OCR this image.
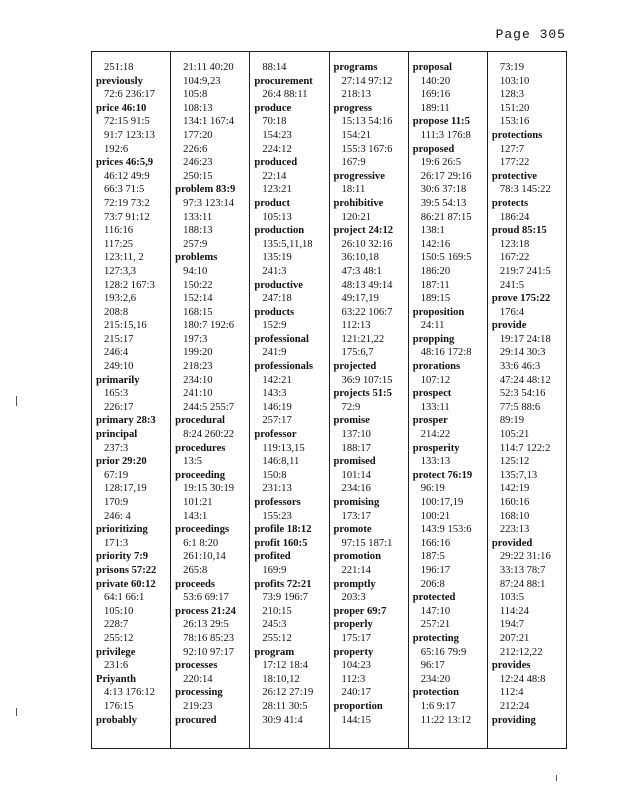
Page 305
251:18
previously
72:6 236:17
price 46:10
72:15 91:5
91:7 123:13
192:6
prices 46:5,9
46:12 49:9
66:3 71:5
72:19 73:2
73:7 91:12
116:16
117:25
123:11, 2
127:3,3
128:2 167:3
193:2,6
208:8
215:15,16
215:17
246:4
249:10
primarily
165:3
226:17
primary 28:3
principal
237:3
prior 29:20
67:19
128:17,19
170:9
246: 4
prioritizing
171:3
priority 7:9
prisons 57:22
private 60:12
64:1 66:1
105:10
228:7
255:12
privilege
231:6
Priyanth
4:13 176:12
176:15
probably
21:11 40:20
104:9,23
105:8
108:13
134:1 167:4
177:20
226:6
246:23
250:15
problem 83:9
97:3 123:14
133:11
188:13
257:9
problems
94:10
150:22
152:14
168:15
180:7 192:6
197:3
199:20
218:23
234:10
241:10
244:5 255:7
procedural
8:24 260:22
procedures
13:5
proceeding
19:15 30:19
101:21
143:1
proceedings
6:1 8:20
261:10,14
265:8
proceeds
53:6 69:17
process 21:24
26:13 29:5
78:16 85:23
92:10 97:17
processes
220:14
processing
219:23
procured
88:14
procurement
26:4 88:11
produce
70:18
154:23
224:12
produced
22:14
123:21
product
105:13
production
135:5,11,18
135:19
241:3
productive
247:18
products
152:9
professional
241:9
professionals
142:21
143:3
146:19
257:17
professor
119:13,15
146:8,11
150:8
231:13
professors
155:23
profile 18:12
profit 160:5
profited
169:9
profits 72:21
73:9 196:7
210:15
245:3
255:12
program
17:12 18:4
18:10,12
26:12 27:19
28:11 30:5
30:9 41:4
programs
27:14 97:12
218:13
progress
15:13 54:16
154:21
155:3 167:6
167:9
progressive
18:11
prohibitive
120:21
project 24:12
26:10 32:16
36:10,18
47:3 48:1
48:13 49:14
49:17,19
63:22 106:7
112:13
121:21,22
175:6,7
projected
36:9 107:15
projects 51:5
72:9
promise
137:10
188:17
promised
101:14
234:16
promising
173:17
promote
97:15 187:1
promotion
221:14
promptly
203:3
proper 69:7
properly
175:17
property
104:23
112:3
240:17
proportion
144:15
proposal
140:20
169:16
189:11
propose 11:5
111:3 176:8
proposed
19:6 26:5
26:17 29:16
30:6 37:18
39:5 54:13
86:21 87:15
138:1
142:16
150:5 169:5
186:20
187:11
189:15
proposition
24:11
propping
48:16 172:8
prorations
107:12
prospect
133:11
prosper
214:22
prosperity
133:13
protect 76:19
96:19
100:17,19
100:21
143:9 153:6
166:16
187:5
196:17
206:8
protected
147:10
257:21
protecting
65:16 79:9
96:17
234:20
protection
1:6 9:17
11:22 13:12
73:19
103:10
128:3
151:20
153:16
protections
127:7
177:22
protective
78:3 145:22
protects
186:24
proud 85:15
123:18
167:22
219:7 241:5
241:5
prove 175:22
176:4
provide
19:17 24:18
29:14 30:3
33:6 46:3
47:24 48:12
52:3 54:16
77:5 88:6
89:19
105:21
114:7 122:2
125:12
135:7,13
142:19
160:16
168:10
223:13
provided
29:22 31:16
33:13 78:7
87:24 88:1
103:5
114:24
194:7
207:21
212:12,22
provides
12:24 48:8
112:4
212:24
providing
